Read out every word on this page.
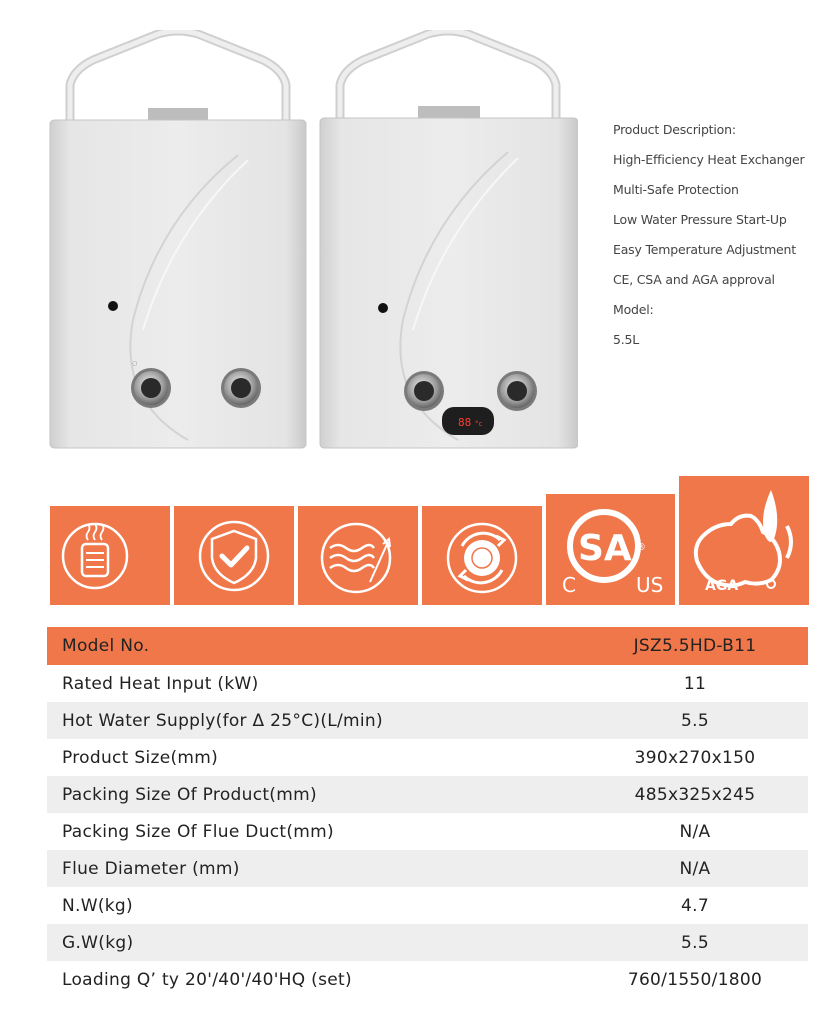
◌
88 °c
Product Description:
High-Efficiency Heat Exchanger
Multi-Safe Protection
Low Water Pressure Start-Up
Easy Temperature Adjustment
CE, CSA and AGA approval
Model:
5.5L
SA ®
C	US	AGA
Model No.	JSZ5.5HD-B11
Rated Heat Input (kW)	11
Hot Water Supply(for Δ 25°C)(L/min)	5.5
Product Size(mm)	390x270x150
Packing Size Of Product(mm)	485x325x245
Packing Size Of Flue Duct(mm)	N/A
Flue Diameter (mm)	N/A
N.W(kg)	4.7
G.W(kg)	5.5
Loading Q’ ty 20'/40'/40'HQ (set)	760/1550/1800
